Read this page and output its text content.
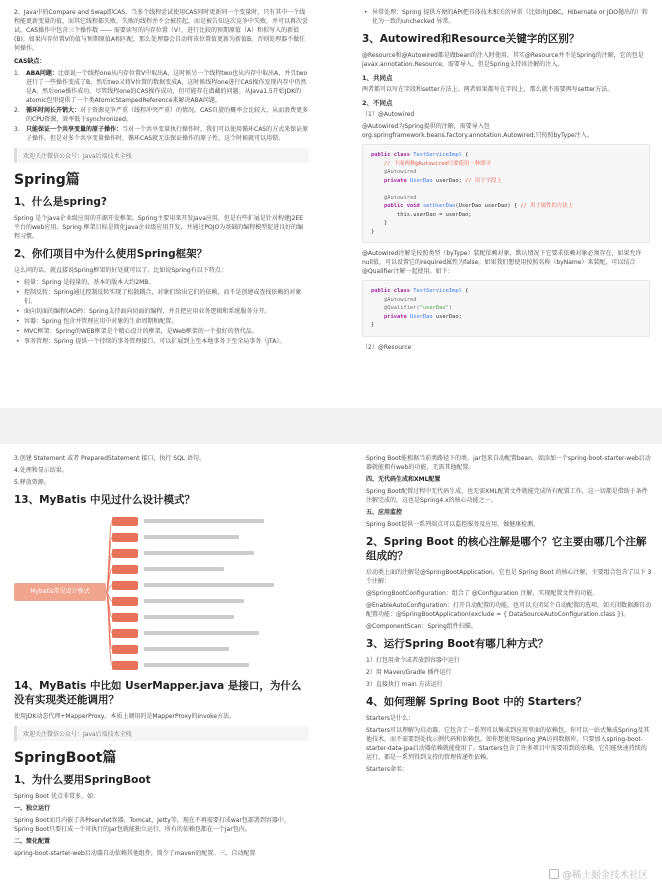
2、Java中的Compare and Swap即CAS，当多个线程尝试使用CAS同时更新同一个变量时，只有其中一个线程能更新变量的值，而其它线程都失败，失败的线程并不会被挂起，而是被告知这次竞争中失败，并可以再次尝试。CAS操作中包含三个操作数 —— 需要读写的内存位置（V）、进行比较的预期原值（A）和拟写入的新值(B)。如果内存位置V的值与预期原值A相匹配，那么处理器会自动将该位置值更新为新值B。否则处理器不做任何操作。
CAS缺点：
1. ABA问题：比如说一个线程one从内存位置V中取出A，这时候另一个线程two也从内存中取出A，并且two进行了一些操作变成了B，然后two又将V位置的数据变成A，这时候线程one进行CAS操作发现内存中仍然是A，然后one操作成功。尽管线程one的CAS操作成功，但可能存在潜藏的问题。从Java1.5开始JDK的atomic包里提供了一个类AtomicStampedReference来解决ABA问题。
2. 循环时间长开销大：对于资源竞争严重（线程冲突严重）的情况，CAS自旋的概率会比较大，从而浪费更多的CPU资源，效率低于synchronized。
3. 只能保证一个共享变量的原子操作：当对一个共享变量执行操作时，我们可以使用循环CAS的方式来保证原子操作，但是对多个共享变量操作时，循环CAS就无法保证操作的原子性，这个时候就可以用锁。
欢迎关注微信公众号：Java后端技术全栈
Spring篇
1、什么是spring?
Spring 是个java企业级应用的开源开发框架。Spring主要用来开发Java应用，但是有些扩展是针对构建J2EE平台的web应用。Spring 框架目标是简化Java企业级应用开发，并通过POJO为基础的编程模型促进良好的编程习惯。
2、你们项目中为什么使用Spring框架？
这么问的话，就直接说Spring框架的好处就可以了。比如说Spring有以下特点：
• 轻量：Spring 是轻量的，基本的版本大约2MB。
• 控制反转：Spring通过控制反转实现了松散耦合，对象们给出它们的依赖，而不是创建或查找依赖的对象们。
• 面向切面的编程(AOP)：Spring支持面向切面的编程，并且把应用业务逻辑和系统服务分开。
• 容器：Spring 包含并管理应用中对象的生命周期和配置。
• MVC框架：Spring的WEB框架是个精心设计的框架，是Web框架的一个很好的替代品。
• 事务管理：Spring 提供一个持续的事务管理接口，可以扩展到上至本地事务下至全局事务（JTA）。
• 异常处理：Spring 提供方便的API把具体技术相关的异常（比如由JDBC，Hibernate or JDO抛出的）转化为一致的unchecked 异常。
3、Autowired和Resource关键字的区别？
@Resource和@Autowired都是做bean的注入时使用，其实@Resource并不是Spring的注解，它的包是javax.annotation.Resource，需要导入，但是Spring支持该注解的注入。
1、共同点
两者都可以写在字段和setter方法上。两者如果都写在字段上，那么就不需要再写setter方法。
2、不同点
（1）@Autowired
@Autowired为Spring提供的注解，需要导入包org.springframework.beans.factory.annotation.Autowired;只按照byType注入。
public class TestServiceImpl {
// 下面两种@Autowired只要使用一种即可
@Autowired
private UserDao userDao; // 用于字段上

@Autowired
public void setUserDao(UserDao userDao) { // 用于属性的方法上
this.userDao = userDao;
}
}
@Autowired注解是按照类型（byType）装配依赖对象，默认情况下它要求依赖对象必须存在，如果允许null值，可以设置它的required属性为false。如果我们想使用按照名称（byName）来装配，可以结合@Qualifier注解一起使用。如下：
public class TestServiceImpl {
@Autowired
@Qualifier("userDao")
private UserDao userDao;
}
（2）@Resource
3.创建 Statement 或者 PreparedStatement 接口，执行 SQL 语句。
4.处理和显示结果。
5.释放资源。
13、MyBatis 中见过什么设计模式？
Mybatis常见设计模式
14、MyBatis 中比如 UserMapper.java 是接口，为什么没有实现类还能调用？
使用JDK动态代理+MapperProxy。本质上调用的是MapperProxy的invoke方法。
欢迎关注微信公众号：Java后端技术全栈
SpringBoot篇
1、为什么要用SpringBoot
Spring Boot 优点非常多，如：
一、独立运行
Spring Boot而且内嵌了各种servlet容器，Tomcat、Jetty等，现在不再需要打成war包部署到容器中，Spring Boot只要打成一个可执行的jar包就能独立运行，所有的依赖包都在一个jar包内。
二、简化配置
spring-boot-starter-web启动器自动依赖其他组件，简少了maven的配置。三、自动配置
Spring Boot能根据当前类路径下的类、jar包来自动配置bean，如添加一个spring-boot-starter-web启动器就能拥有web的功能，无需其他配置。
四、无代码生成和XML配置
Spring Boot配置过程中无代码生成，也无需XML配置文件就能完成所有配置工作，这一切都是借助于条件注解完成的，这也是Spring4.x的核心功能之一。
五、应用监控
Spring Boot提供一系列端点可以监控服务及应用，做健康检测。
2、Spring Boot 的核心注解是哪个？它主要由哪几个注解组成的？
启动类上面的注解是@SpringBootApplication，它也是 Spring Boot 的核心注解，主要组合包含了以下 3 个注解：
@SpringBootConfiguration：组合了 @Configuration 注解，实现配置文件的功能。
@EnableAutoConfiguration：打开自动配置的功能，也可以关闭某个自动配置的选项，如关闭数据源自动配置功能：@SpringBootApplication(exclude = { DataSourceAutoConfiguration.class })。
@ComponentScan：Spring组件扫描。
3、运行Spring Boot有哪几种方式？
1）打包用命令或者放到容器中运行
2）用 Maven/Gradle 插件运行
3）直接执行 main 方法运行
4、如何理解 Spring Boot 中的 Starters？
Starters是什么：
Starters可以理解为启动器，它包含了一系列可以集成到应用里面的依赖包，你可以一站式集成Spring及其他技术，而不需要到处找示例代码和依赖包。如你想使用Spring JPA访问数据库，只要加入spring-boot-starter-data-jpa启动器依赖就能使用了。Starters包含了许多项目中需要用到的依赖，它们能快速持续的运行，都是一系列得到支持的管理传递性依赖。
Starters命名：
@稀土掘金技术社区
